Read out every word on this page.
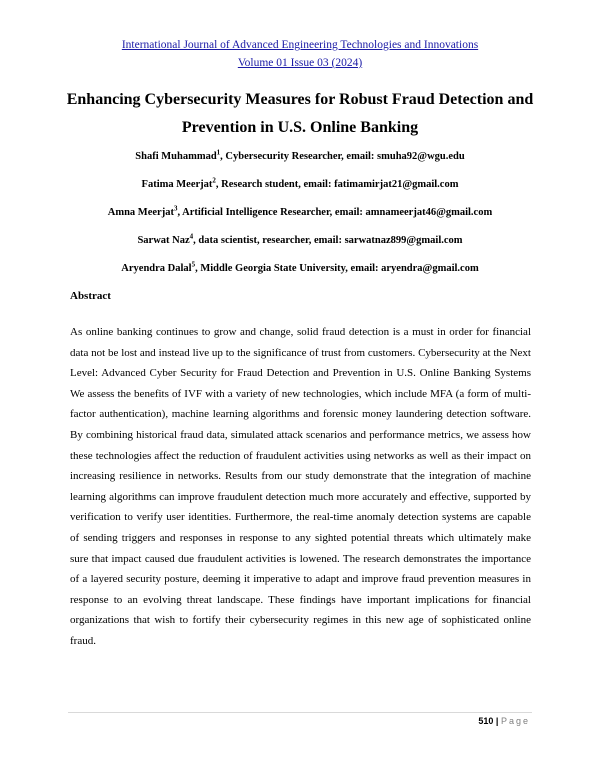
International Journal of Advanced Engineering Technologies and Innovations
Volume 01 Issue 03 (2024)
Enhancing Cybersecurity Measures for Robust Fraud Detection and Prevention in U.S. Online Banking
Shafi Muhammad$^1$, Cybersecurity Researcher, email: smuha92@wgu.edu
Fatima Meerjat$^2$, Research student, email: fatimamirjat21@gmail.com
Amna Meerjat$^3$, Artificial Intelligence Researcher, email: amnameerjat46@gmail.com
Sarwat Naz$^4$, data scientist, researcher, email: sarwatnaz899@gmail.com
Aryendra Dalal$^5$, Middle Georgia State University, email: aryendra@gmail.com
Abstract
As online banking continues to grow and change, solid fraud detection is a must in order for financial data not be lost and instead live up to the significance of trust from customers. Cybersecurity at the Next Level: Advanced Cyber Security for Fraud Detection and Prevention in U.S. Online Banking Systems We assess the benefits of IVF with a variety of new technologies, which include MFA (a form of multi-factor authentication), machine learning algorithms and forensic money laundering detection software. By combining historical fraud data, simulated attack scenarios and performance metrics, we assess how these technologies affect the reduction of fraudulent activities using networks as well as their impact on increasing resilience in networks. Results from our study demonstrate that the integration of machine learning algorithms can improve fraudulent detection much more accurately and effective, supported by verification to verify user identities. Furthermore, the real-time anomaly detection systems are capable of sending triggers and responses in response to any sighted potential threats which ultimately make sure that impact caused due fraudulent activities is lowened. The research demonstrates the importance of a layered security posture, deeming it imperative to adapt and improve fraud prevention measures in response to an evolving threat landscape. These findings have important implications for financial organizations that wish to fortify their cybersecurity regimes in this new age of sophisticated online fraud.
510 | Page
